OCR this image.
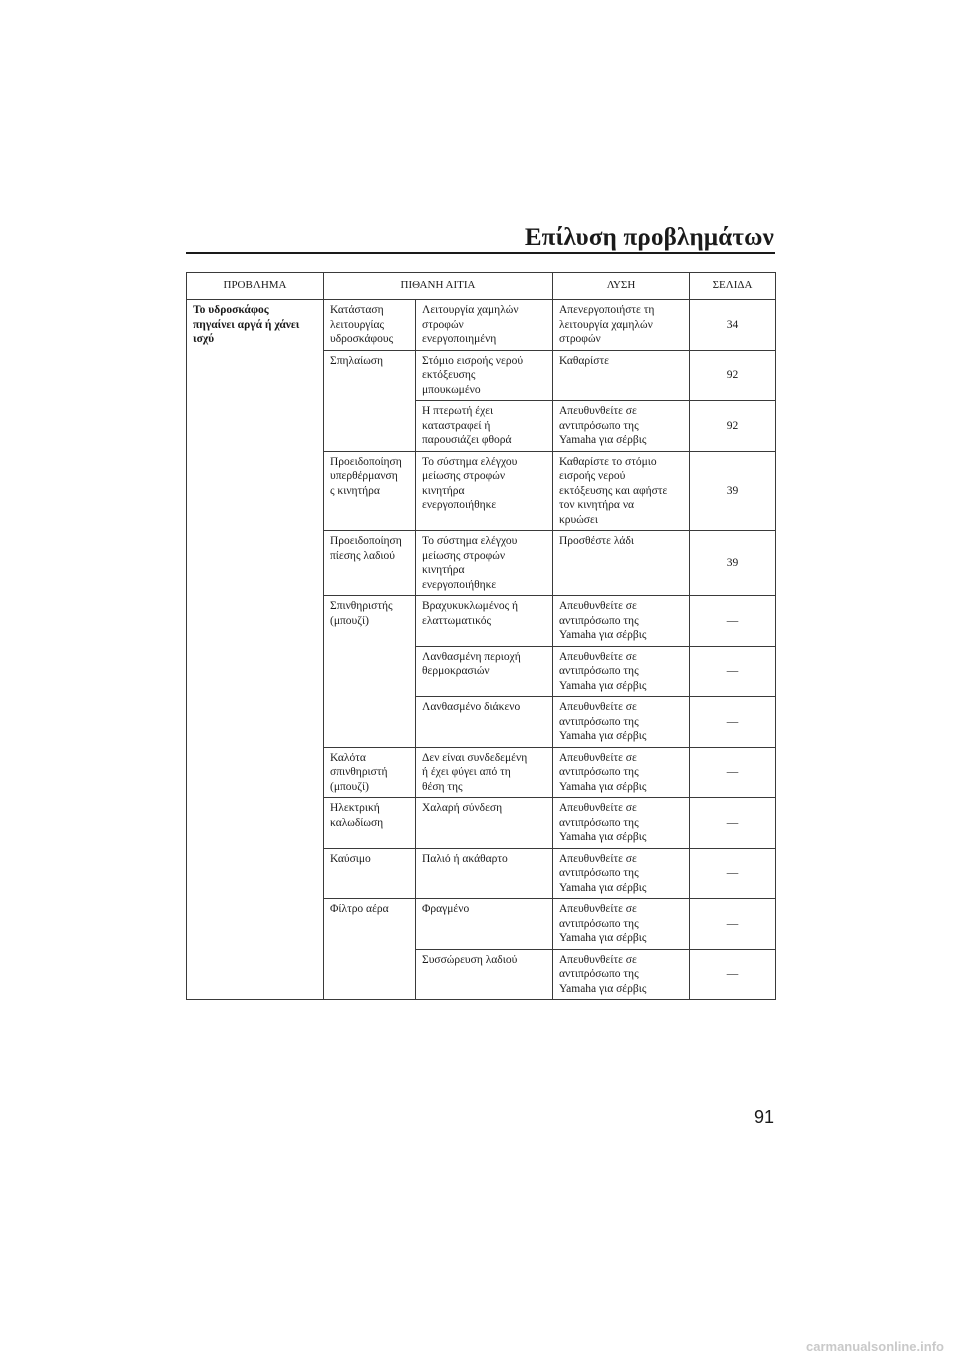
Επίλυση προβλημάτων
ΠΡΟΒΛΗΜΑ	ΠΙΘΑΝΗ ΑΙΤΙΑ		ΛΥΣΗ	ΣΕΛΙΔΑ
Το υδροσκάφος
πηγαίνει αργά ή χάνει
ισχύ	Κατάσταση
λειτουργίας
υδροσκάφους	Λειτουργία χαμηλών
στροφών
ενεργοποιημένη	Απενεργοποιήστε τη
λειτουργία χαμηλών
στροφών	34
	Σπηλαίωση	Στόμιο εισροής νερού
εκτόξευσης
μπουκωμένο	Καθαρίστε	92
		Η πτερωτή έχει
καταστραφεί ή
παρουσιάζει φθορά	Απευθυνθείτε σε
αντιπρόσωπο της
Yamaha για σέρβις	92
	Προειδοποίηση
υπερθέρμανση
ς κινητήρα	Το σύστημα ελέγχου
μείωσης στροφών
κινητήρα
ενεργοποιήθηκε	Καθαρίστε το στόμιο
εισροής νερού
εκτόξευσης και αφήστε
τον κινητήρα να
κρυώσει	39
	Προειδοποίηση
πίεσης λαδιού	Το σύστημα ελέγχου
μείωσης στροφών
κινητήρα
ενεργοποιήθηκε	Προσθέστε λάδι	39
	Σπινθηριστής
(μπουζί)	Βραχυκυκλωμένος ή
ελαττωματικός	Απευθυνθείτε σε
αντιπρόσωπο της
Yamaha για σέρβις	—
		Λανθασμένη περιοχή
θερμοκρασιών	Απευθυνθείτε σε
αντιπρόσωπο της
Yamaha για σέρβις	—
		Λανθασμένο διάκενο	Απευθυνθείτε σε
αντιπρόσωπο της
Yamaha για σέρβις	—
	Καλότα
σπινθηριστή
(μπουζί)	Δεν είναι συνδεδεμένη
ή έχει φύγει από τη
θέση της	Απευθυνθείτε σε
αντιπρόσωπο της
Yamaha για σέρβις	—
	Ηλεκτρική
καλωδίωση	Χαλαρή σύνδεση	Απευθυνθείτε σε
αντιπρόσωπο της
Yamaha για σέρβις	—
	Καύσιμο	Παλιό ή ακάθαρτο	Απευθυνθείτε σε
αντιπρόσωπο της
Yamaha για σέρβις	—
	Φίλτρο αέρα	Φραγμένο	Απευθυνθείτε σε
αντιπρόσωπο της
Yamaha για σέρβις	—
		Συσσώρευση λαδιού	Απευθυνθείτε σε
αντιπρόσωπο της
Yamaha για σέρβις	—
91
carmanualsonline.info
